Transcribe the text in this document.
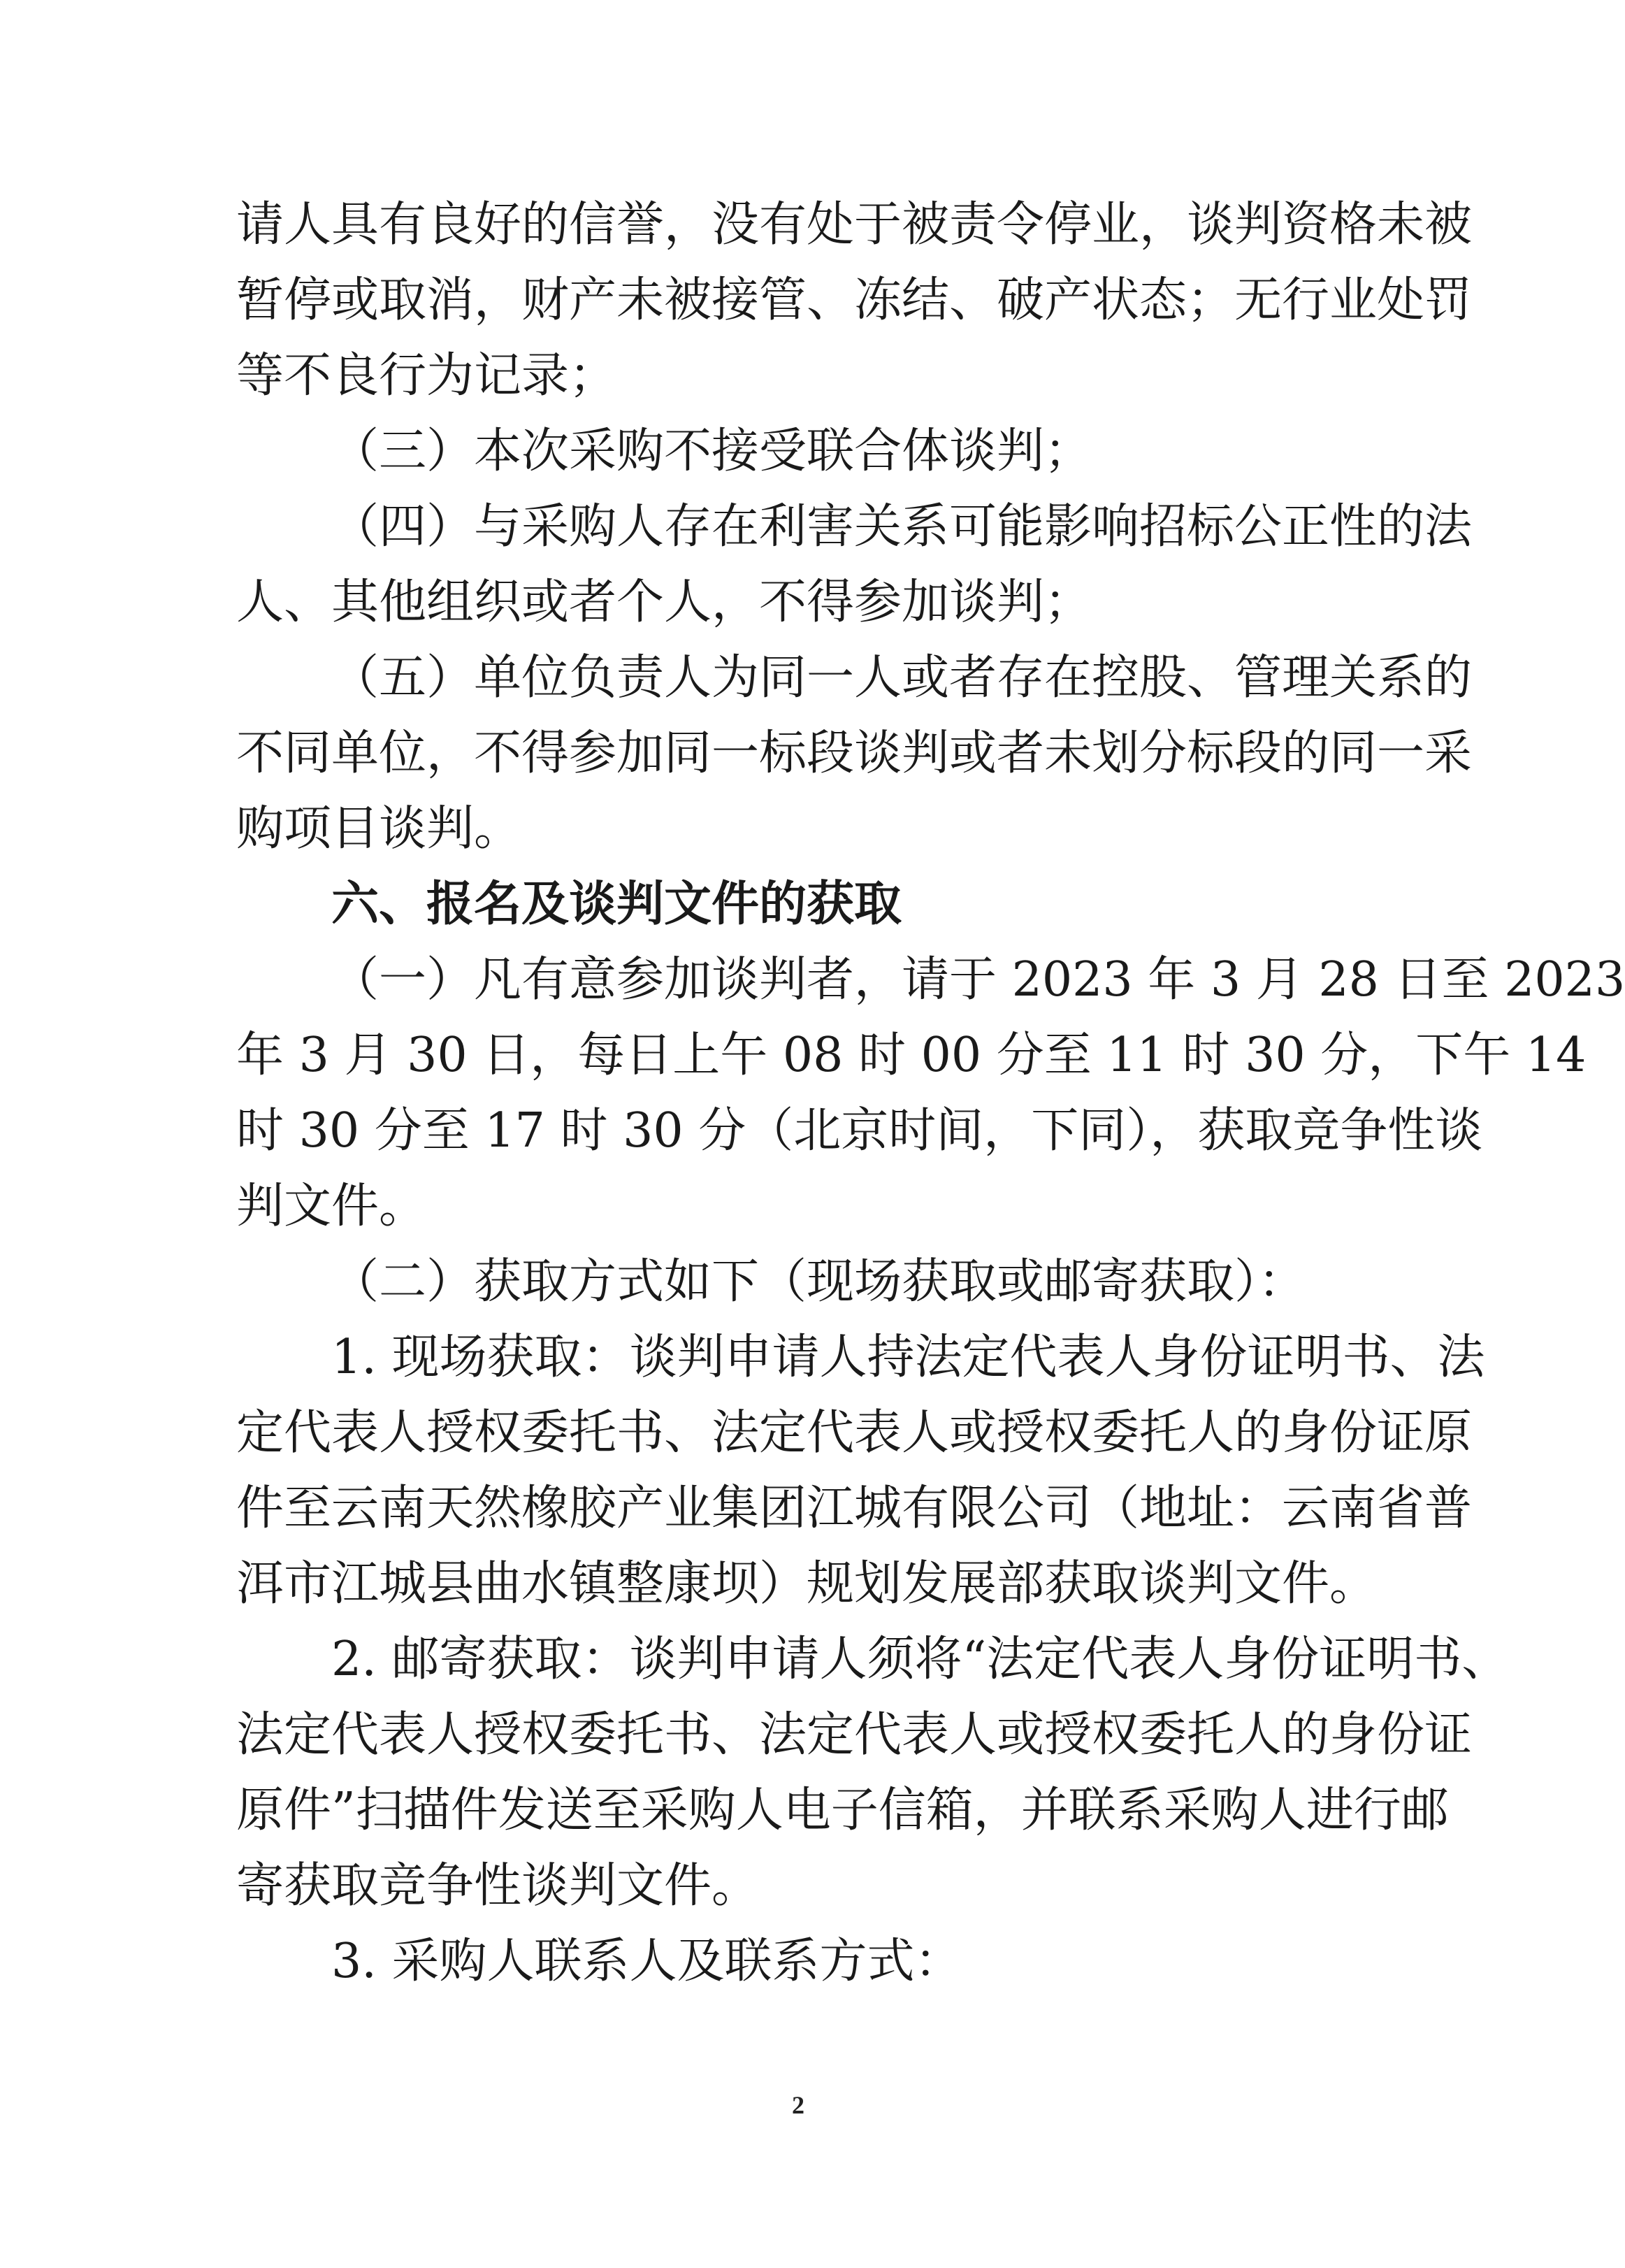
请人具有良好的信誉，没有处于被责令停业，谈判资格未被
暂停或取消，财产未被接管、冻结、破产状态；无行业处罚
等不良行为记录；
（三）本次采购不接受联合体谈判；
（四）与采购人存在利害关系可能影响招标公正性的法
人、其他组织或者个人，不得参加谈判；
（五）单位负责人为同一人或者存在控股、管理关系的
不同单位，不得参加同一标段谈判或者未划分标段的同一采
购项目谈判。
六、报名及谈判文件的获取
（一）凡有意参加谈判者，请于 2023 年 3 月 28 日至 2023
年 3 月 30 日，每日上午 08 时 00 分至 11 时 30 分，下午 14
时 30 分至 17 时 30 分（北京时间，下同），获取竞争性谈
判文件。
（二）获取方式如下（现场获取或邮寄获取）：
1. 现场获取：谈判申请人持法定代表人身份证明书、法
定代表人授权委托书、法定代表人或授权委托人的身份证原
件至云南天然橡胶产业集团江城有限公司（地址：云南省普
洱市江城县曲水镇整康坝）规划发展部获取谈判文件。
2. 邮寄获取：谈判申请人须将“法定代表人身份证明书、
法定代表人授权委托书、法定代表人或授权委托人的身份证
原件”扫描件发送至采购人电子信箱，并联系采购人进行邮
寄获取竞争性谈判文件。
3. 采购人联系人及联系方式：
2
